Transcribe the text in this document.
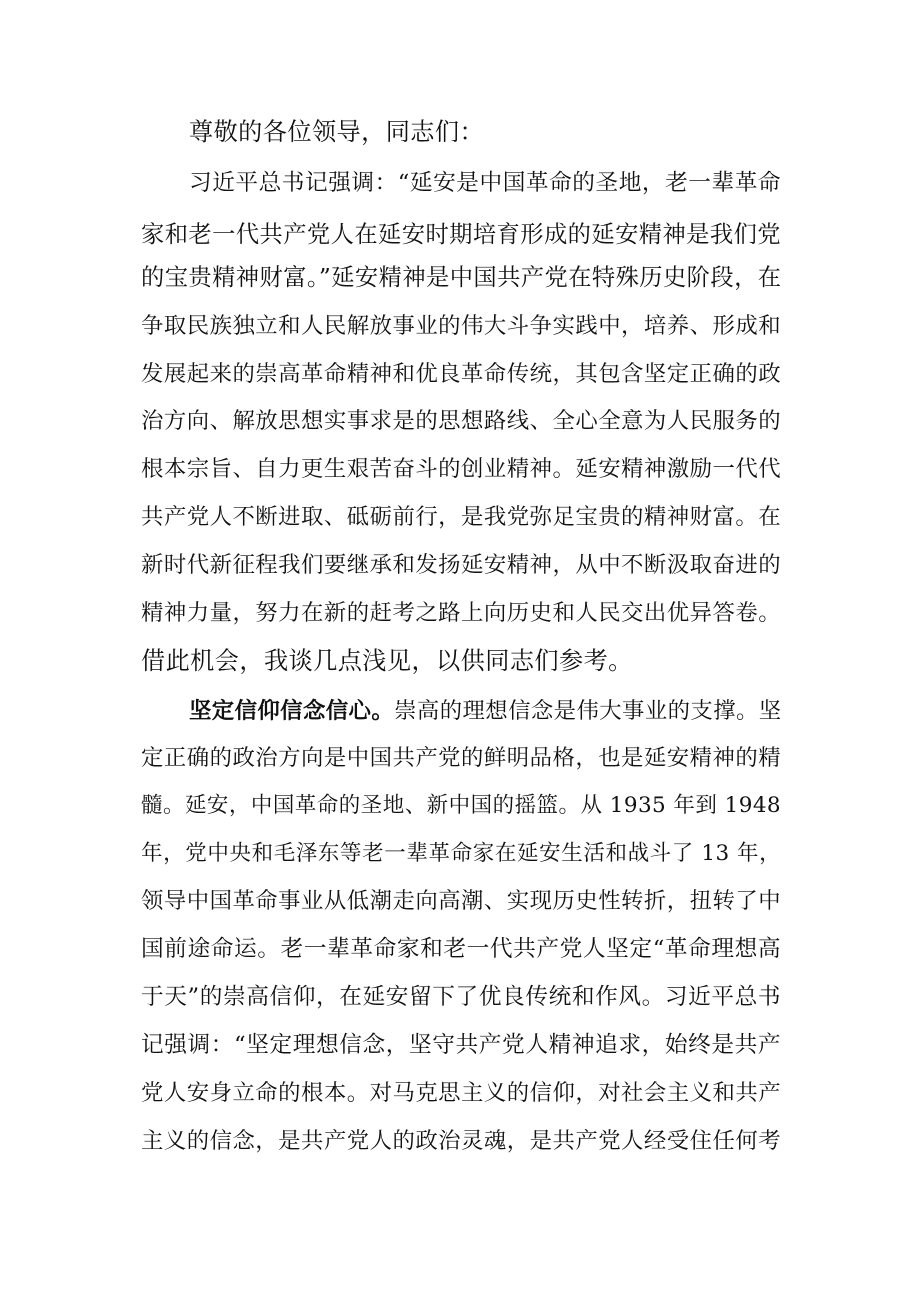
尊敬的各位领导，同志们：
习近平总书记强调：“延安是中国革命的圣地，老一辈革命
家和老一代共产党人在延安时期培育形成的延安精神是我们党
的宝贵精神财富。”延安精神是中国共产党在特殊历史阶段，在
争取民族独立和人民解放事业的伟大斗争实践中，培养、形成和
发展起来的崇高革命精神和优良革命传统，其包含坚定正确的政
治方向、解放思想实事求是的思想路线、全心全意为人民服务的
根本宗旨、自力更生艰苦奋斗的创业精神。延安精神激励一代代
共产党人不断进取、砥砺前行，是我党弥足宝贵的精神财富。在
新时代新征程我们要继承和发扬延安精神，从中不断汲取奋进的
精神力量，努力在新的赶考之路上向历史和人民交出优异答卷。
借此机会，我谈几点浅见，以供同志们参考。
坚定信仰信念信心。崇高的理想信念是伟大事业的支撑。坚
定正确的政治方向是中国共产党的鲜明品格，也是延安精神的精
髓。延安，中国革命的圣地、新中国的摇篮。从 1935 年到 1948
年，党中央和毛泽东等老一辈革命家在延安生活和战斗了 13 年，
领导中国革命事业从低潮走向高潮、实现历史性转折，扭转了中
国前途命运。老一辈革命家和老一代共产党人坚定“革命理想高
于天”的崇高信仰，在延安留下了优良传统和作风。习近平总书
记强调：“坚定理想信念，坚守共产党人精神追求，始终是共产
党人安身立命的根本。对马克思主义的信仰，对社会主义和共产
主义的信念，是共产党人的政治灵魂，是共产党人经受住任何考
